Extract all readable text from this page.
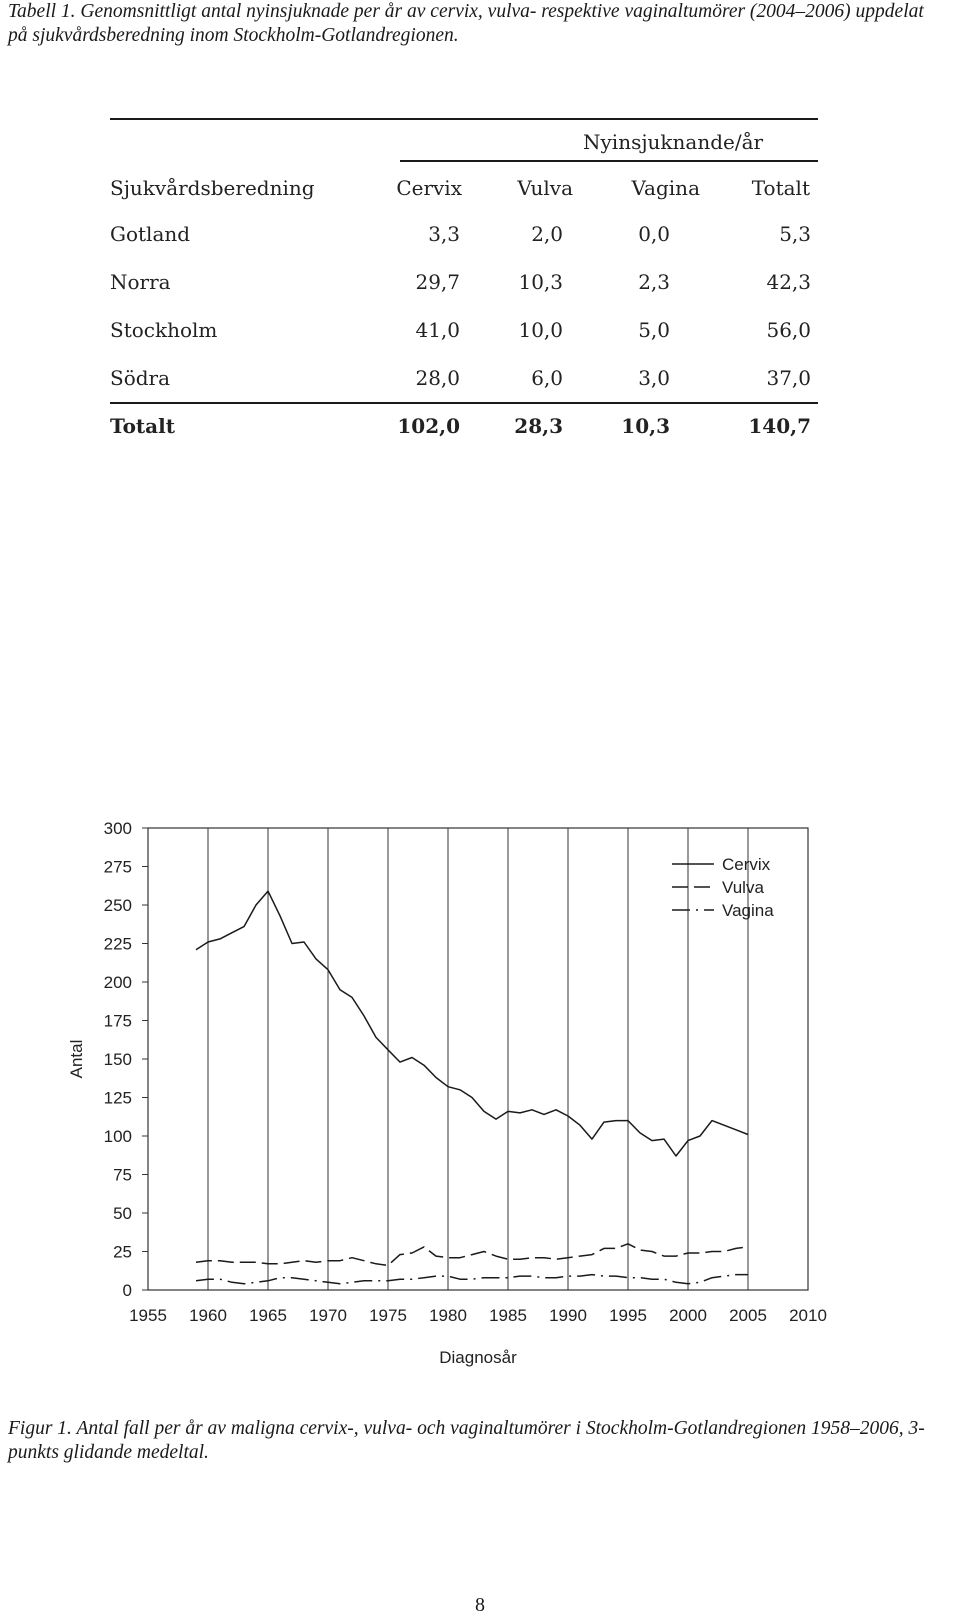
Tabell 1. Genomsnittligt antal nyinsjuknade per år av cervix, vulva- respektive vaginaltumörer (2004–2006) uppdelat på sjukvårdsberedning inom Stockholm-Gotlandregionen.
Nyinsjuknande/år
Sjukvårdsberedning	Cervix	Vulva	Vagina	Totalt
Gotland	3,3	2,0	0,0	5,3
Norra	29,7	10,3	2,3	42,3
Stockholm	41,0	10,0	5,0	56,0
Södra	28,0	6,0	3,0	37,0
Totalt	102,0	28,3	10,3	140,7
1955 1960 1965 1970 1975 1980 1985 1990 1995 2000 2005 2010
0
25
50
75
100
125
150
175
200
225
250
275
300
Diagnosår
Antal
Cervix
Vulva
Vagina
Figur 1. Antal fall per år av maligna cervix-, vulva- och vaginaltumörer i Stockholm-Gotlandregionen 1958–2006, 3-punkts glidande medeltal.
8
